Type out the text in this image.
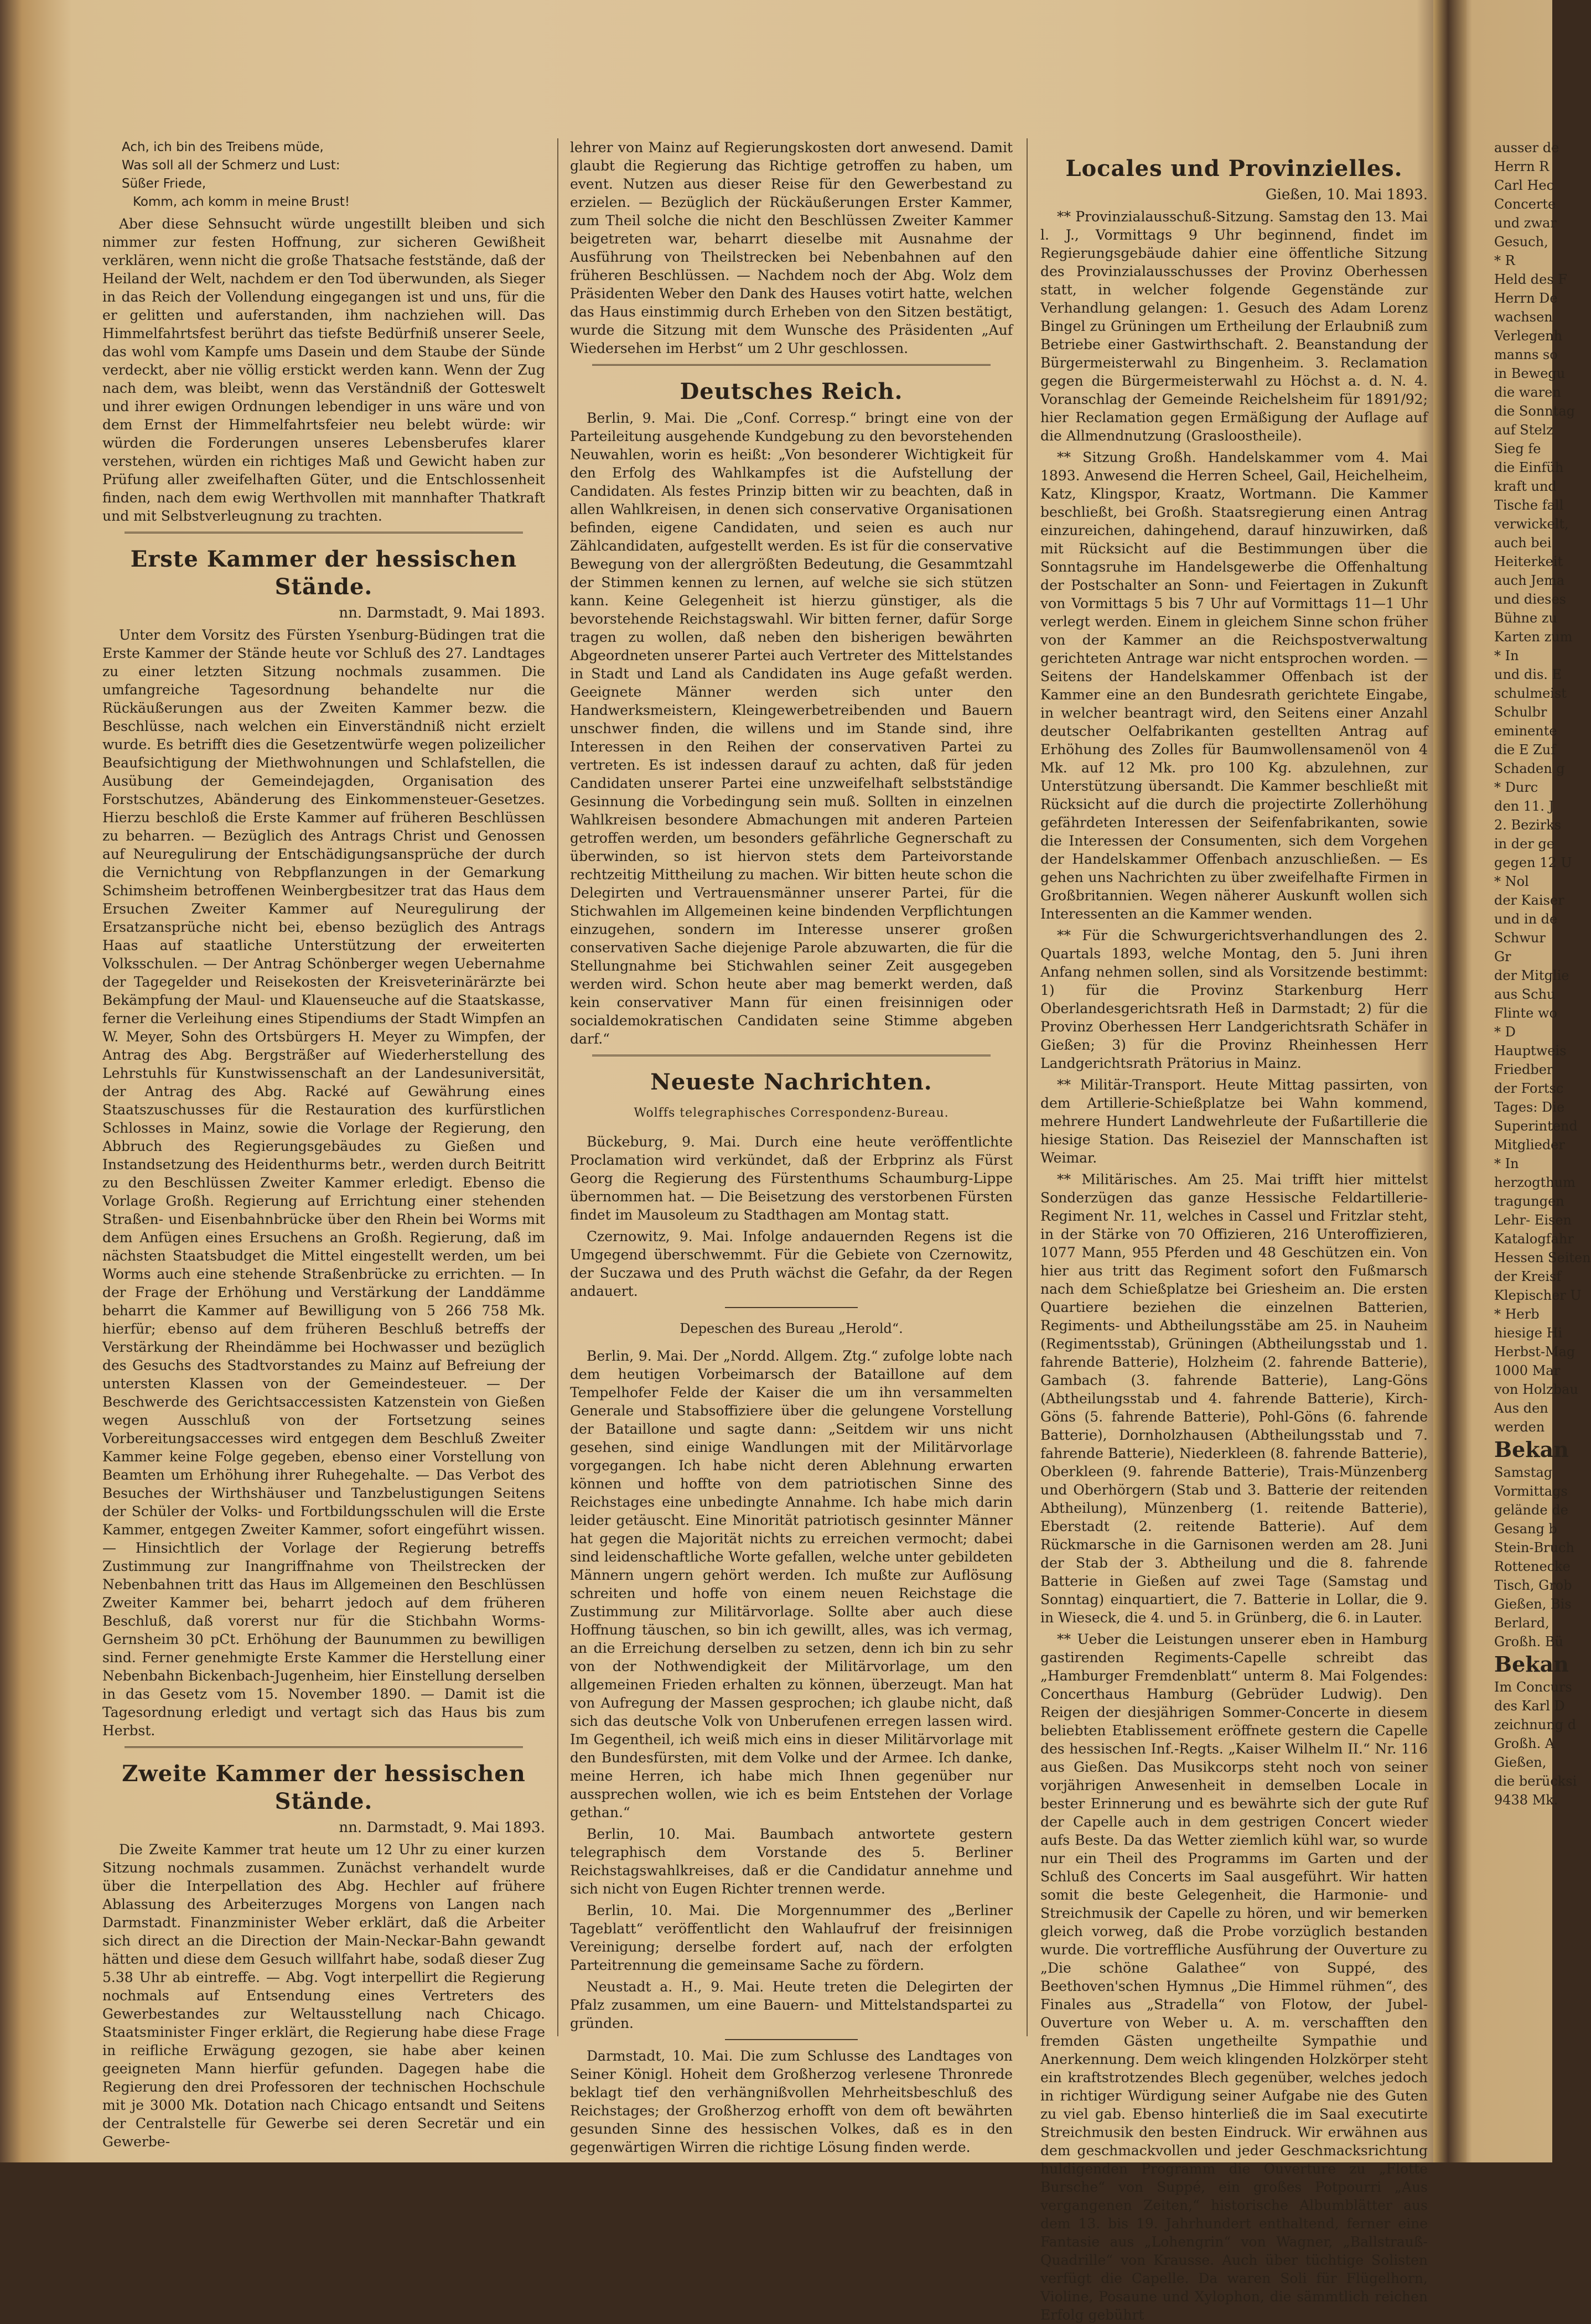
Ach, ich bin des Treibens müde,
Was soll all der Schmerz und Lust:
Süßer Friede,
Komm, ach komm in meine Brust!

Aber diese Sehnsucht würde ungestillt bleiben und sich nimmer zur festen Hoffnung, zur sicheren Gewißheit verklären, wenn nicht die große Thatsache feststände, daß der Heiland der Welt, nachdem er den Tod überwunden, als Sieger in das Reich der Vollendung eingegangen ist und uns, für die er gelitten und auferstanden, ihm nachziehen will. Das Himmelfahrtsfest berührt das tiefste Bedürfniß unserer Seele, das wohl vom Kampfe ums Dasein und dem Staube der Sünde verdeckt, aber nie völlig erstickt werden kann. Wenn der Zug nach dem, was bleibt, wenn das Verständniß der Gotteswelt und ihrer ewigen Ordnungen lebendiger in uns wäre und von dem Ernst der Himmelfahrtsfeier neu belebt würde: wir würden die Forderungen unseres Lebensberufes klarer verstehen, würden ein richtiges Maß und Gewicht haben zur Prüfung aller zweifelhaften Güter, und die Entschlossenheit finden, nach dem ewig Werthvollen mit mannhafter Thatkraft und mit Selbstverleugnung zu trachten.

Erste Kammer der hessischen Stände.
nn. Darmstadt, 9. Mai 1893.

Unter dem Vorsitz des Fürsten Ysenburg-Büdingen trat die Erste Kammer der Stände heute vor Schluß des 27. Landtages zu einer letzten Sitzung nochmals zusammen. Die umfangreiche Tagesordnung behandelte nur die Rückäußerungen aus der Zweiten Kammer bezw. die Beschlüsse, nach welchen ein Einverständniß nicht erzielt wurde. Es betrifft dies die Gesetzentwürfe wegen polizeilicher Beaufsichtigung der Miethwohnungen und Schlafstellen, die Ausübung der Gemeindejagden, Organisation des Forstschutzes, Abänderung des Einkommensteuer-Gesetzes. Hierzu beschloß die Erste Kammer auf früheren Beschlüssen zu beharren. — Bezüglich des Antrags Christ und Genossen auf Neuregulirung der Entschädigungsansprüche der durch die Vernichtung von Rebpflanzungen in der Gemarkung Schimsheim betroffenen Weinbergbesitzer trat das Haus dem Ersuchen Zweiter Kammer auf Neuregulirung der Ersatzansprüche nicht bei, ebenso bezüglich des Antrags Haas auf staatliche Unterstützung der erweiterten Volksschulen. — Der Antrag Schönberger wegen Uebernahme der Tagegelder und Reisekosten der Kreisveterinärärzte bei Bekämpfung der Maul- und Klauenseuche auf die Staatskasse, ferner die Verleihung eines Stipendiums der Stadt Wimpfen an W. Meyer, Sohn des Ortsbürgers H. Meyer zu Wimpfen, der Antrag des Abg. Bergsträßer auf Wiederherstellung des Lehrstuhls für Kunstwissenschaft an der Landesuniversität, der Antrag des Abg. Racké auf Gewährung eines Staatszuschusses für die Restauration des kurfürstlichen Schlosses in Mainz, sowie die Vorlage der Regierung, den Abbruch des Regierungsgebäudes zu Gießen und Instandsetzung des Heidenthurms betr., werden durch Beitritt zu den Beschlüssen Zweiter Kammer erledigt. Ebenso die Vorlage Großh. Regierung auf Errichtung einer stehenden Straßen- und Eisenbahnbrücke über den Rhein bei Worms mit dem Anfügen eines Ersuchens an Großh. Regierung, daß im nächsten Staatsbudget die Mittel eingestellt werden, um bei Worms auch eine stehende Straßenbrücke zu errichten. — In der Frage der Erhöhung und Verstärkung der Landdämme beharrt die Kammer auf Bewilligung von 5 266 758 Mk. hierfür; ebenso auf dem früheren Beschluß betreffs der Verstärkung der Rheindämme bei Hochwasser und bezüglich des Gesuchs des Stadtvorstandes zu Mainz auf Befreiung der untersten Klassen von der Gemeindesteuer. — Der Beschwerde des Gerichtsaccessisten Katzenstein von Gießen wegen Ausschluß von der Fortsetzung seines Vorbereitungsaccesses wird entgegen dem Beschluß Zweiter Kammer keine Folge gegeben, ebenso einer Vorstellung von Beamten um Erhöhung ihrer Ruhegehalte. — Das Verbot des Besuches der Wirthshäuser und Tanzbelustigungen Seitens der Schüler der Volks- und Fortbildungsschulen will die Erste Kammer, entgegen Zweiter Kammer, sofort eingeführt wissen. — Hinsichtlich der Vorlage der Regierung betreffs Zustimmung zur Inangriffnahme von Theilstrecken der Nebenbahnen tritt das Haus im Allgemeinen den Beschlüssen Zweiter Kammer bei, beharrt jedoch auf dem früheren Beschluß, daß vorerst nur für die Stichbahn Worms-Gernsheim 30 pCt. Erhöhung der Baunummen zu bewilligen sind. Ferner genehmigte Erste Kammer die Herstellung einer Nebenbahn Bickenbach-Jugenheim, hier Einstellung derselben in das Gesetz vom 15. November 1890. — Damit ist die Tagesordnung erledigt und vertagt sich das Haus bis zum Herbst.

Zweite Kammer der hessischen Stände.
nn. Darmstadt, 9. Mai 1893.

Die Zweite Kammer trat heute um 12 Uhr zu einer kurzen Sitzung nochmals zusammen. Zunächst verhandelt wurde über die Interpellation des Abg. Hechler auf frühere Ablassung des Arbeiterzuges Morgens von Langen nach Darmstadt. Finanzminister Weber erklärt, daß die Arbeiter sich direct an die Direction der Main-Neckar-Bahn gewandt hätten und diese dem Gesuch willfahrt habe, sodaß dieser Zug 5.38 Uhr ab eintreffe. — Abg. Vogt interpellirt die Regierung nochmals auf Entsendung eines Vertreters des Gewerbestandes zur Weltausstellung nach Chicago. Staatsminister Finger erklärt, die Regierung habe diese Frage in reifliche Erwägung gezogen, sie habe aber keinen geeigneten Mann hierfür gefunden. Dagegen habe die Regierung den drei Professoren der technischen Hochschule mit je 3000 Mk. Dotation nach Chicago entsandt und Seitens der Centralstelle für Gewerbe sei deren Secretär und ein Gewerbe-

lehrer von Mainz auf Regierungskosten dort anwesend. Damit glaubt die Regierung das Richtige getroffen zu haben, um event. Nutzen aus dieser Reise für den Gewerbestand zu erzielen. — Bezüglich der Rückäußerungen Erster Kammer, zum Theil solche die nicht den Beschlüssen Zweiter Kammer beigetreten war, beharrt dieselbe mit Ausnahme der Ausführung von Theilstrecken bei Nebenbahnen auf den früheren Beschlüssen. — Nachdem noch der Abg. Wolz dem Präsidenten Weber den Dank des Hauses votirt hatte, welchen das Haus einstimmig durch Erheben von den Sitzen bestätigt, wurde die Sitzung mit dem Wunsche des Präsidenten „Auf Wiedersehen im Herbst“ um 2 Uhr geschlossen.

Deutsches Reich.

Berlin, 9. Mai. Die „Conf. Corresp.“ bringt eine von der Parteileitung ausgehende Kundgebung zu den bevorstehenden Neuwahlen, worin es heißt: „Von besonderer Wichtigkeit für den Erfolg des Wahlkampfes ist die Aufstellung der Candidaten. Als festes Prinzip bitten wir zu beachten, daß in allen Wahlkreisen, in denen sich conservative Organisationen befinden, eigene Candidaten, und seien es auch nur Zählcandidaten, aufgestellt werden. Es ist für die conservative Bewegung von der allergrößten Bedeutung, die Gesammtzahl der Stimmen kennen zu lernen, auf welche sie sich stützen kann. Keine Gelegenheit ist hierzu günstiger, als die bevorstehende Reichstagswahl. Wir bitten ferner, dafür Sorge tragen zu wollen, daß neben den bisherigen bewährten Abgeordneten unserer Partei auch Vertreter des Mittelstandes in Stadt und Land als Candidaten ins Auge gefaßt werden. Geeignete Männer werden sich unter den Handwerksmeistern, Kleingewerbetreibenden und Bauern unschwer finden, die willens und im Stande sind, ihre Interessen in den Reihen der conservativen Partei zu vertreten. Es ist indessen darauf zu achten, daß für jeden Candidaten unserer Partei eine unzweifelhaft selbstständige Gesinnung die Vorbedingung sein muß. Sollten in einzelnen Wahlkreisen besondere Abmachungen mit anderen Parteien getroffen werden, um besonders gefährliche Gegnerschaft zu überwinden, so ist hiervon stets dem Parteivorstande rechtzeitig Mittheilung zu machen. Wir bitten heute schon die Delegirten und Vertrauensmänner unserer Partei, für die Stichwahlen im Allgemeinen keine bindenden Verpflichtungen einzugehen, sondern im Interesse unserer großen conservativen Sache diejenige Parole abzuwarten, die für die Stellungnahme bei Stichwahlen seiner Zeit ausgegeben werden wird. Schon heute aber mag bemerkt werden, daß kein conservativer Mann für einen freisinnigen oder socialdemokratischen Candidaten seine Stimme abgeben darf.“

Neueste Nachrichten.
Wolffs telegraphisches Correspondenz-Bureau.

Bückeburg, 9. Mai. Durch eine heute veröffentlichte Proclamation wird verkündet, daß der Erbprinz als Fürst Georg die Regierung des Fürstenthums Schaumburg-Lippe übernommen hat. — Die Beisetzung des verstorbenen Fürsten findet im Mausoleum zu Stadthagen am Montag statt.

Czernowitz, 9. Mai. Infolge andauernden Regens ist die Umgegend überschwemmt. Für die Gebiete von Czernowitz, der Suczawa und des Pruth wächst die Gefahr, da der Regen andauert.

Depeschen des Bureau „Herold“.

Berlin, 9. Mai. Der „Nordd. Allgem. Ztg.“ zufolge lobte nach dem heutigen Vorbeimarsch der Bataillone auf dem Tempelhofer Felde der Kaiser die um ihn versammelten Generale und Stabsoffiziere über die gelungene Vorstellung der Bataillone und sagte dann: „Seitdem wir uns nicht gesehen, sind einige Wandlungen mit der Militärvorlage vorgegangen. Ich habe nicht deren Ablehnung erwarten können und hoffte von dem patriotischen Sinne des Reichstages eine unbedingte Annahme. Ich habe mich darin leider getäuscht. Eine Minorität patriotisch gesinnter Männer hat gegen die Majorität nichts zu erreichen vermocht; dabei sind leidenschaftliche Worte gefallen, welche unter gebildeten Männern ungern gehört werden. Ich mußte zur Auflösung schreiten und hoffe von einem neuen Reichstage die Zustimmung zur Militärvorlage. Sollte aber auch diese Hoffnung täuschen, so bin ich gewillt, alles, was ich vermag, an die Erreichung derselben zu setzen, denn ich bin zu sehr von der Nothwendigkeit der Militärvorlage, um den allgemeinen Frieden erhalten zu können, überzeugt. Man hat von Aufregung der Massen gesprochen; ich glaube nicht, daß sich das deutsche Volk von Unberufenen erregen lassen wird. Im Gegentheil, ich weiß mich eins in dieser Militärvorlage mit den Bundesfürsten, mit dem Volke und der Armee. Ich danke, meine Herren, ich habe mich Ihnen gegenüber nur aussprechen wollen, wie ich es beim Entstehen der Vorlage gethan.“

Berlin, 10. Mai. Baumbach antwortete gestern telegraphisch dem Vorstande des 5. Berliner Reichstagswahlkreises, daß er die Candidatur annehme und sich nicht von Eugen Richter trennen werde.

Berlin, 10. Mai. Die Morgennummer des „Berliner Tageblatt“ veröffentlicht den Wahlaufruf der freisinnigen Vereinigung; derselbe fordert auf, nach der erfolgten Parteitrennung die gemeinsame Sache zu fördern.

Neustadt a. H., 9. Mai. Heute treten die Delegirten der Pfalz zusammen, um eine Bauern- und Mittelstandspartei zu gründen.

Darmstadt, 10. Mai. Die zum Schlusse des Landtages von Seiner Königl. Hoheit dem Großherzog verlesene Thronrede beklagt tief den verhängnißvollen Mehrheitsbeschluß des Reichstages; der Großherzog erhofft von dem oft bewährten gesunden Sinne des hessischen Volkes, daß es in den gegenwärtigen Wirren die richtige Lösung finden werde.

Locales und Provinzielles.
Gießen, 10. Mai 1893.

** Provinzialausschuß-Sitzung. Samstag den 13. Mai l. J., Vormittags 9 Uhr beginnend, findet im Regierungsgebäude dahier eine öffentliche Sitzung des Provinzialausschusses der Provinz Oberhessen statt, in welcher folgende Gegenstände zur Verhandlung gelangen: 1. Gesuch des Adam Lorenz Bingel zu Grüningen um Ertheilung der Erlaubniß zum Betriebe einer Gastwirthschaft. 2. Beanstandung der Bürgermeisterwahl zu Bingenheim. 3. Reclamation gegen die Bürgermeisterwahl zu Höchst a. d. N. 4. Voranschlag der Gemeinde Reichelsheim für 1891/92; hier Reclamation gegen Ermäßigung der Auflage auf die Allmendnutzung (Grasloostheile).

** Sitzung Großh. Handelskammer vom 4. Mai 1893. Anwesend die Herren Scheel, Gail, Heichelheim, Katz, Klingspor, Kraatz, Wortmann. Die Kammer beschließt, bei Großh. Staatsregierung einen Antrag einzureichen, dahingehend, darauf hinzuwirken, daß mit Rücksicht auf die Bestimmungen über die Sonntagsruhe im Handelsgewerbe die Offenhaltung der Postschalter an Sonn- und Feiertagen in Zukunft von Vormittags 5 bis 7 Uhr auf Vormittags 11—1 Uhr verlegt werden. Einem in gleichem Sinne schon früher von der Kammer an die Reichspostverwaltung gerichteten Antrage war nicht entsprochen worden. — Seitens der Handelskammer Offenbach ist der Kammer eine an den Bundesrath gerichtete Eingabe, in welcher beantragt wird, den Seitens einer Anzahl deutscher Oelfabrikanten gestellten Antrag auf Erhöhung des Zolles für Baumwollensamenöl von 4 Mk. auf 12 Mk. pro 100 Kg. abzulehnen, zur Unterstützung übersandt. Die Kammer beschließt mit Rücksicht auf die durch die projectirte Zollerhöhung gefährdeten Interessen der Seifenfabrikanten, sowie die Interessen der Consumenten, sich dem Vorgehen der Handelskammer Offenbach anzuschließen. — Es gehen uns Nachrichten zu über zweifelhafte Firmen in Großbritannien. Wegen näherer Auskunft wollen sich Interessenten an die Kammer wenden.

** Für die Schwurgerichtsverhandlungen des 2. Quartals 1893, welche Montag, den 5. Juni ihren Anfang nehmen sollen, sind als Vorsitzende bestimmt: 1) für die Provinz Starkenburg Herr Oberlandesgerichtsrath Heß in Darmstadt; 2) für die Provinz Oberhessen Herr Landgerichtsrath Schäfer in Gießen; 3) für die Provinz Rheinhessen Herr Landgerichtsrath Prätorius in Mainz.

** Militär-Transport. Heute Mittag passirten, von dem Artillerie-Schießplatze bei Wahn kommend, mehrere Hundert Landwehrleute der Fußartillerie die hiesige Station. Das Reiseziel der Mannschaften ist Weimar.

** Militärisches. Am 25. Mai trifft hier mittelst Sonderzügen das ganze Hessische Feldartillerie-Regiment Nr. 11, welches in Cassel und Fritzlar steht, in der Stärke von 70 Offizieren, 216 Unteroffizieren, 1077 Mann, 955 Pferden und 48 Geschützen ein. Von hier aus tritt das Regiment sofort den Fußmarsch nach dem Schießplatze bei Griesheim an. Die ersten Quartiere beziehen die einzelnen Batterien, Regiments- und Abtheilungsstäbe am 25. in Nauheim (Regimentsstab), Grüningen (Abtheilungsstab und 1. fahrende Batterie), Holzheim (2. fahrende Batterie), Gambach (3. fahrende Batterie), Lang-Göns (Abtheilungsstab und 4. fahrende Batterie), Kirch-Göns (5. fahrende Batterie), Pohl-Göns (6. fahrende Batterie), Dornholzhausen (Abtheilungsstab und 7. fahrende Batterie), Niederkleen (8. fahrende Batterie), Oberkleen (9. fahrende Batterie), Trais-Münzenberg und Oberhörgern (Stab und 3. Batterie der reitenden Abtheilung), Münzenberg (1. reitende Batterie), Eberstadt (2. reitende Batterie). Auf dem Rückmarsche in die Garnisonen werden am 28. Juni der Stab der 3. Abtheilung und die 8. fahrende Batterie in Gießen auf zwei Tage (Samstag und Sonntag) einquartiert, die 7. Batterie in Lollar, die 9. in Wieseck, die 4. und 5. in Grünberg, die 6. in Lauter.

** Ueber die Leistungen unserer eben in Hamburg gastirenden Regiments-Capelle schreibt das „Hamburger Fremdenblatt“ unterm 8. Mai Folgendes: Concerthaus Hamburg (Gebrüder Ludwig). Den Reigen der diesjährigen Sommer-Concerte in diesem beliebten Etablissement eröffnete gestern die Capelle des hessischen Inf.-Regts. „Kaiser Wilhelm II.“ Nr. 116 aus Gießen. Das Musikcorps steht noch von seiner vorjährigen Anwesenheit in demselben Locale in bester Erinnerung und es bewährte sich der gute Ruf der Capelle auch in dem gestrigen Concert wieder aufs Beste. Da das Wetter ziemlich kühl war, so wurde nur ein Theil des Programms im Garten und der Schluß des Concerts im Saal ausgeführt. Wir hatten somit die beste Gelegenheit, die Harmonie- und Streichmusik der Capelle zu hören, und wir bemerken gleich vorweg, daß die Probe vorzüglich bestanden wurde. Die vortreffliche Ausführung der Ouverture zu „Die schöne Galathee“ von Suppé, des Beethoven'schen Hymnus „Die Himmel rühmen“, des Finales aus „Stradella“ von Flotow, der Jubel-Ouverture von Weber u. A. m. verschafften den fremden Gästen ungetheilte Sympathie und Anerkennung. Dem weich klingenden Holzkörper steht ein kraftstrotzendes Blech gegenüber, welches jedoch in richtiger Würdigung seiner Aufgabe nie des Guten zu viel gab. Ebenso hinterließ die im Saal executirte Streichmusik den besten Eindruck. Wir erwähnen aus dem geschmackvollen und jeder Geschmacksrichtung huldigenden Programm die Ouverture zu „Flotte Bursche“ von Suppé, ein großes Potpourri „Aus vergangenen Zeiten,“ historische Albumblätter aus dem 13. bis 19. Jahrhundert enthaltend, ferner eine Fantasie aus „Lohengrin“ von Wagner, „Ballstrauß-Quadrille“ von Krausse. Auch über tüchtige Solisten verfügt die Capelle. Da waren Soli für Flügelhorn, Violine, Posaune und Xylophon, die sämmtlich reichen Erfolg gebührt

ausser de
Herrn R
Carl Hec
Concerte
und zwar
Gesuch,
* R
Held des F
Herrn De
wachsen
Verlegenh
manns so
in Bewegu
die waren
die Sonntag
auf Stelz
Sieg fe
die Einfüh
kraft und
Tische fall
verwickelt,
auch bei
Heiterkeit
auch Jema
und dieses
Bühne zu
Karten zum
* In
und dis. E
schulmeist
Schulbr
eminente
die E Zuf
Schaden g
* Durc
den 11. J
2. Bezirks
in der ge
gegen 12 U
* Nol
der Kaiser
und in de
Schwur
Gr
der Mitglie
aus Schu
Flinte wo
* D
Hauptweis
Friedber
der Fortsc
Tages: Die
Superintend
Mitglieder
* In
herzogthum
tragungen
Lehr- Eisen
Katalogfahr
Hessen Seiten
der Kreisf
Klepischer U
* Herb
hiesige Hi
Herbst-Mag
1000 Mar
von Holzbau
Aus den
werden
Bekan
Samstag
Vormittags
gelände de
Gesang b
Stein-Bruch
Rottenecke
Tisch, Grob
Gießen, Bis
Berlard,
Großh. Bü
Bekan
Im Concurs
des Karl D
zeichnung d
Großh. A
Gießen,
die berücksi
9438 Mk.
